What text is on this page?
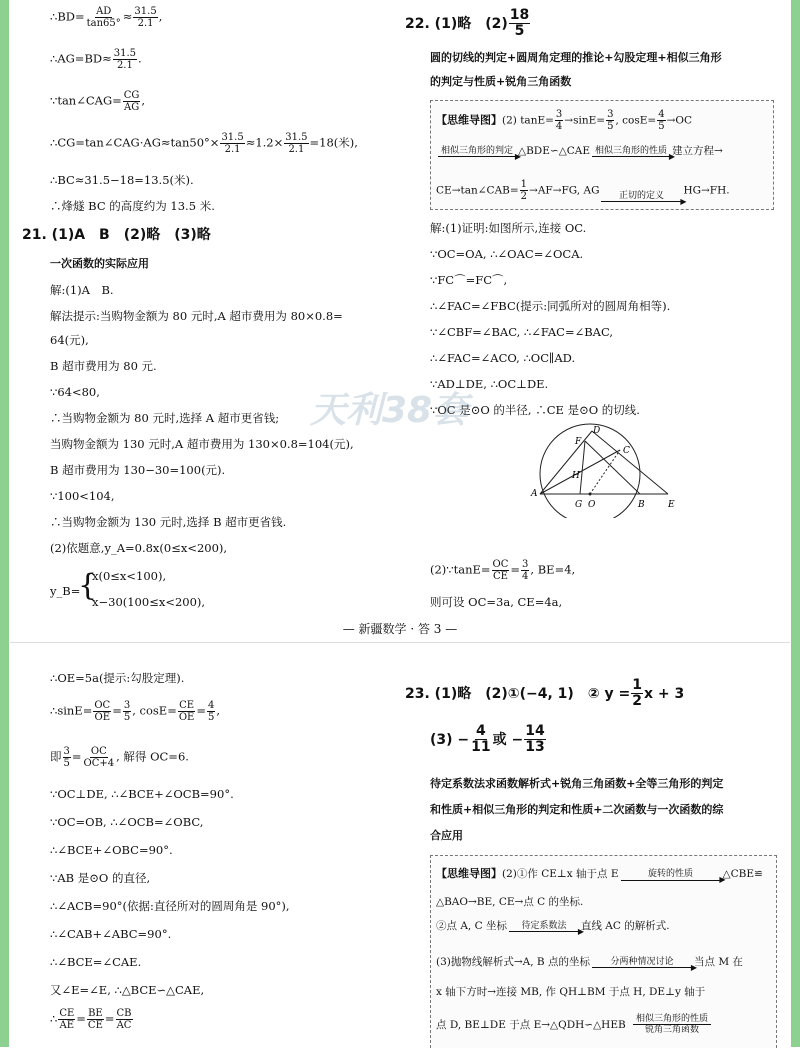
∴BD= $\frac{AD}{\tan 65^\circ} \approx \frac{31.5}{2.1}$ ,
∴AG=BD≈ $\frac{31.5}{2.1}$ .
∵tan∠CAG= $\frac{CG}{AG}$ ,
∴CG=tan∠CAG·AG≈tan50°× $\frac{31.5}{2.1} \approx 1.2\times \frac{31.5}{2.1} =18$(米),
∴BC≈31.5−18=13.5(米).
∴烽燧 BC 的高度约为 13.5 米.
21. (1)A　B　(2)略　(3)略
一次函数的实际应用
解:(1)A　B.
解法提示:当购物金额为 80 元时,A 超市费用为 80×0.8=
64(元),
B 超市费用为 80 元.
∵64<80,
∴当购物金额为 80 元时,选择 A 超市更省钱;
当购物金额为 130 元时,A 超市费用为 130×0.8=104(元),
B 超市费用为 130−30=100(元).
∵100<104,
∴当购物金额为 130 元时,选择 B 超市更省钱.
(2)依题意,y_A=0.8x(0≤x<200),
y_B=
{
x(0≤x<100),
x−30(100≤x<200),
22. (1)略　$(2) \frac{18}{5}$
圆的切线的判定+圆周角定理的推论+勾股定理+相似三角形
的判定与性质+锐角三角函数
【思维导图】(2) $\tan E= \frac{3}{4} \to\sin E= \frac{3}{5}$ , $\cos E= \frac{4}{5} \to OC$
相似三角形的判定
▶
△BDE∽△CAE 相似三角形的性质
▶
建立方程→
CE→tan∠CAB= $\frac{1}{2} \to AF\to FG$, AG	正切的定义
▶
HG→FH.
解:(1)证明:如图所示,连接 OC.
∵OC=OA, ∴∠OAC=∠OCA.
∵FC⌒=FC⌒,
∴∠FAC=∠FBC(提示:同弧所对的圆周角相等).
∵∠CBF=∠BAC, ∴∠FAC=∠BAC,
∴∠FAC=∠ACO, ∴OC∥AD.
∵AD⊥DE, ∴OC⊥DE.
∵OC 是⊙O 的半径, ∴CE 是⊙O 的切线.
D
F
C
H
A
G O	B	E
(2)∵tanE= $\frac{OC}{CE} = \frac{3}{4}$ , BE=4,
则可设 OC=3a, CE=4a,
天利38套
— 新疆数学 · 答 3 —
∴OE=5a(提示:勾股定理).
∴sinE= $\frac{OC}{OE} = \frac{3}{5}$ , $\cos E= \frac{CE}{OE} = \frac{4}{5}$ ,
即 $\frac{3}{5} = \frac{OC}{OC+4}$ , 解得 OC=6.
∵OC⊥DE, ∴∠BCE+∠OCB=90°.
∵OC=OB, ∴∠OCB=∠OBC,
∴∠BCE+∠OBC=90°.
∵AB 是⊙O 的直径,
∴∠ACB=90°(依据:直径所对的圆周角是 90°),
∴∠CAB+∠ABC=90°.
∴∠BCE=∠CAE.
又∠E=∠E, ∴△BCE∽△CAE,
∴ $\frac{CE}{AE} = \frac{BE}{CE} = \frac{CB}{AC}$
23. (1)略　(2)①(−4, 1)　② $y = \frac{1}{2}$ x + 3
$(3) - \frac{4}{11}$ 或 − $\frac{14}{13}$
待定系数法求函数解析式+锐角三角函数+全等三角形的判定
和性质+相似三角形的判定和性质+二次函数与一次函数的综
合应用
【思维导图】(2)①作 CE⊥x 轴于点 E	旋转的性质
▶
△CBE≌
△BAO→BE, CE→点 C 的坐标.
②点 A, C 坐标	待定系数法
▶
直线 AC 的解析式.
(3)抛物线解析式→A, B 点的坐标	分两种情况讨论
▶
当点 M 在
x 轴下方时→连接 MB, 作 QH⊥BM 于点 H, DE⊥y 轴于
点 D, BE⊥DE 于点 E→△QDH∽△HEB	相似三角形的性质
锐角三角函数
